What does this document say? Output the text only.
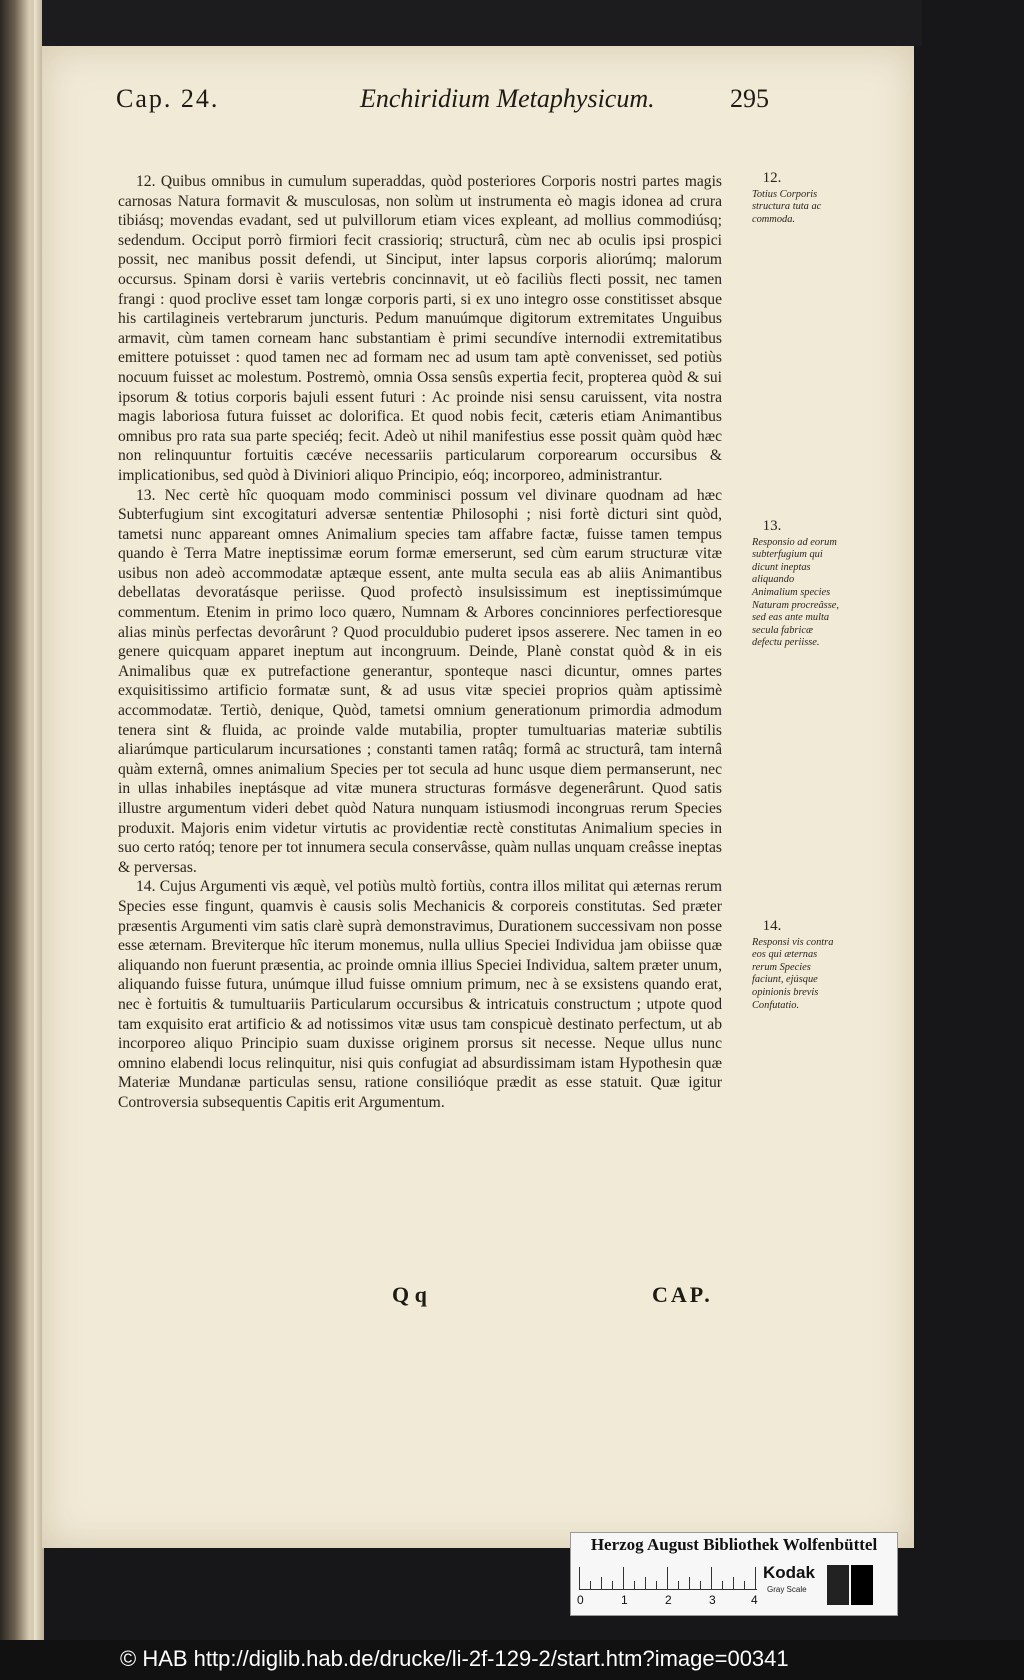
Cap. 24.	Enchiridium Metaphysicum.	295

12. Quibus omnibus in cumulum superaddas, quòd posteriores Corporis nostri partes magis carnosas Natura formavit & musculosas, non solùm ut instrumenta eò magis idonea ad crura tibiásq; movendas evadant, sed ut pulvillorum etiam vices expleant, ad mollius commodiúsq; sedendum. Occiput porrò firmiori fecit crassioriq; structurâ, cùm nec ab oculis ipsi prospici possit, nec manibus possit defendi, ut Sinciput, inter lapsus corporis aliorúmq; malorum occursus. Spinam dorsi è variis vertebris concinnavit, ut eò faciliùs flecti possit, nec tamen frangi : quod proclive esset tam longæ corporis parti, si ex uno integro osse constitisset absque his cartilagineis vertebrarum juncturis. Pedum manuúmque digitorum extremitates Unguibus armavit, cùm tamen corneam hanc substantiam è primi secundíve internodii extremitatibus emittere potuisset : quod tamen nec ad formam nec ad usum tam aptè convenisset, sed potiùs nocuum fuisset ac molestum. Postremò, omnia Ossa sensûs expertia fecit, propterea quòd & sui ipsorum & totius corporis bajuli essent futuri : Ac proinde nisi sensu caruissent, vita nostra magis laboriosa futura fuisset ac dolorifica. Et quod nobis fecit, cæteris etiam Animantibus omnibus pro rata sua parte speciéq; fecit. Adeò ut nihil manifestius esse possit quàm quòd hæc non relinquuntur fortuitis cæcéve necessariis particularum corporearum occursibus & implicationibus, sed quòd à Diviniori aliquo Principio, eóq; incorporeo, administrantur.

13. Nec certè hîc quoquam modo comminisci possum vel divinare quodnam ad hæc Subterfugium sint excogitaturi adversæ sententiæ Philosophi ; nisi fortè dicturi sint quòd, tametsi nunc appareant omnes Animalium species tam affabre factæ, fuisse tamen tempus quando è Terra Matre ineptissimæ eorum formæ emerserunt, sed cùm earum structuræ vitæ usibus non adeò accommodatæ aptæque essent, ante multa secula eas ab aliis Animantibus debellatas devoratásque periisse. Quod profectò insulsissimum est ineptissimúmque commentum. Etenim in primo loco quæro, Numnam & Arbores concinniores perfectioresque alias minùs perfectas devorârunt ? Quod proculdubio puderet ipsos asserere. Nec tamen in eo genere quicquam apparet ineptum aut incongruum. Deinde, Planè constat quòd & in eis Animalibus quæ ex putrefactione generantur, sponteque nasci dicuntur, omnes partes exquisitissimo artificio formatæ sunt, & ad usus vitæ speciei proprios quàm aptissimè accommodatæ. Tertiò, denique, Quòd, tametsi omnium generationum primordia admodum tenera sint & fluida, ac proinde valde mutabilia, propter tumultuarias materiæ subtilis aliarúmque particularum incursationes ; constanti tamen ratâq; formâ ac structurâ, tam internâ quàm externâ, omnes animalium Species per tot secula ad hunc usque diem permanserunt, nec in ullas inhabiles ineptásque ad vitæ munera structuras formásve degenerârunt. Quod satis illustre argumentum videri debet quòd Natura nunquam istiusmodi incongruas rerum Species produxit. Majoris enim videtur virtutis ac providentiæ rectè constitutas Animalium species in suo certo ratóq; tenore per tot innumera secula conservâsse, quàm nullas unquam creâsse ineptas & perversas.

14. Cujus Argumenti vis æquè, vel potiùs multò fortiùs, contra illos militat qui æternas rerum Species esse fingunt, quamvis è causis solis Mechanicis & corporeis constitutas. Sed præter præsentis Argumenti vim satis clarè suprà demonstravimus, Durationem successivam non posse esse æternam. Breviterque hîc iterum monemus, nulla ullius Speciei Individua jam obiisse quæ aliquando non fuerunt præsentia, ac proinde omnia illius Speciei Individua, saltem præter unum, aliquando fuisse futura, unúmque illud fuisse omnium primum, nec à se exsistens quando erat, nec è fortuitis & tumultuariis Particularum occursibus & intricatuis constructum ; utpote quod tam exquisito erat artificio & ad notissimos vitæ usus tam conspicuè destinato perfectum, ut ab incorporeo aliquo Principio suam duxisse originem prorsus sit necesse. Neque ullus nunc omnino elabendi locus relinquitur, nisi quis confugiat ad absurdissimam istam Hypothesin quæ Materiæ Mundanæ particulas sensu, ratione consilióque prædit as esse statuit. Quæ igitur Controversia subsequentis Capitis erit Argumentum.

12.
Totius Corporis structura tuta ac commoda.
13.
Responsio ad eorum subterfugium qui dicunt ineptas aliquando Animalium species Naturam procreâsse, sed eas ante multa secula fabricæ defectu periisse.
14.
Responsi vis contra eos qui æternas rerum Species faciunt, ejúsque opinionis brevis Confutatio.
Q q	CAP.
Herzog August Bibliothek Wolfenbüttel
0	1	2	3	4
Kodak
Gray Scale
© HAB http://diglib.hab.de/drucke/li-2f-129-2/start.htm?image=00341
